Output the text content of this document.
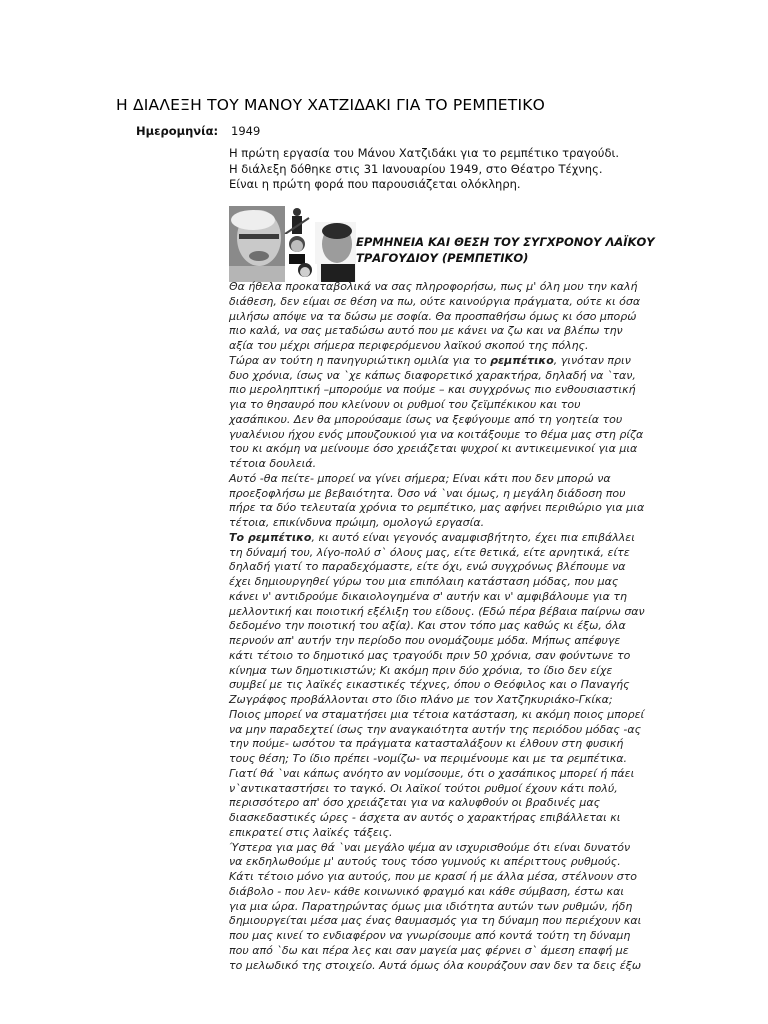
Η ΔΙΑΛΕΞΗ ΤΟΥ ΜΑΝΟΥ ΧΑΤΖΙΔΑΚΙ ΓΙΑ ΤΟ ΡΕΜΠΕΤΙΚΟ
Ημερομηνία: 1949
Η πρώτη εργασία του Μάνου Χατζιδάκι για το ρεμπέτικο τραγούδι.
Η διάλεξη δόθηκε στις 31 Ιανουαρίου 1949, στο Θέατρο Τέχνης.
Είναι η πρώτη φορά που παρουσιάζεται ολόκληρη.
ΕΡΜΗΝΕΙΑ ΚΑΙ ΘΕΣΗ ΤΟΥ ΣΥΓΧΡΟΝΟΥ ΛΑΪΚΟΥ
ΤΡΑΓΟΥΔΙΟΥ (ΡΕΜΠΕΤΙΚΟ)
Θα ήθελα προκαταβολικά να σας πληροφορήσω, πως μ' όλη μου την καλή
διάθεση, δεν είμαι σε θέση να πω, ούτε καινούργια πράγματα, ούτε κι όσα
μιλήσω απόψε να τα δώσω με σοφία. Θα προσπαθήσω όμως κι όσο μπορώ
πιο καλά, να σας μεταδώσω αυτό που με κάνει να ζω και να βλέπω την
αξία του μέχρι σήμερα περιφερόμενου λαϊκού σκοπού της πόλης.
Τώρα αν τούτη η πανηγυριώτικη ομιλία για το ρεμπέτικο, γινόταν πριν
δυο χρόνια, ίσως να `χε κάπως διαφορετικό χαρακτήρα, δηλαδή να `ταν,
πιο μεροληπτική –μπορούμε να πούμε – και συγχρόνως πιο ενθουσιαστική
για το θησαυρό που κλείνουν οι ρυθμοί του ζεϊμπέκικου και του
χασάπικου. Δεν θα μπορούσαμε ίσως να ξεφύγουμε από τη γοητεία του
γυαλένιου ήχου ενός μπουζουκιού για να κοιτάξουμε το θέμα μας στη ρίζα
του κι ακόμη να μείνουμε όσο χρειάζεται ψυχροί κι αντικειμενικοί για μια
τέτοια δουλειά.
Αυτό -θα πείτε- μπορεί να γίνει σήμερα; Είναι κάτι που δεν μπορώ να
προεξοφλήσω με βεβαιότητα. Όσο νά `ναι όμως, η μεγάλη διάδοση που
πήρε τα δύο τελευταία χρόνια το ρεμπέτικο, μας αφήνει περιθώριο για μια
τέτοια, επικίνδυνα πρώιμη, ομολογώ εργασία.
Το ρεμπέτικο, κι αυτό είναι γεγονός αναμφισβήτητο, έχει πια επιβάλλει
τη δύναμή του, λίγο-πολύ σ` όλους μας, είτε θετικά, είτε αρνητικά, είτε
δηλαδή γιατί το παραδεχόμαστε, είτε όχι, ενώ συγχρόνως βλέπουμε να
έχει δημιουργηθεί γύρω του μια επιπόλαιη κατάσταση μόδας, που μας
κάνει ν' αντιδρούμε δικαιολογημένα σ' αυτήν και ν' αμφιβάλουμε για τη
μελλοντική και ποιοτική εξέλιξη του είδους. (Εδώ πέρα βέβαια παίρνω σαν
δεδομένο την ποιοτική του αξία). Και στον τόπο μας καθώς κι έξω, όλα
περνούν απ' αυτήν την περίοδο που ονομάζουμε μόδα. Μήπως απέφυγε
κάτι τέτοιο το δημοτικό μας τραγούδι πριν 50 χρόνια, σαν φούντωνε το
κίνημα των δημοτικιστών; Κι ακόμη πριν δύο χρόνια, το ίδιο δεν είχε
συμβεί με τις λαϊκές εικαστικές τέχνες, όπου ο Θεόφιλος και ο Παναγής
Ζωγράφος προβάλλονται στο ίδιο πλάνο με τον Χατζηκυριάκο-Γκίκα;
Ποιος μπορεί να σταματήσει μια τέτοια κατάσταση, κι ακόμη ποιος μπορεί
να μην παραδεχτεί ίσως την αναγκαιότητα αυτήν της περιόδου μόδας -ας
την πούμε- ωσότου τα πράγματα κατασταλάξουν κι έλθουν στη φυσική
τους θέση; Το ίδιο πρέπει -νομίζω- να περιμένουμε και με τα ρεμπέτικα.
Γιατί θά `ναι κάπως ανόητο αν νομίσουμε, ότι ο χασάπικος μπορεί ή πάει
ν`αντικαταστήσει το ταγκό. Οι λαϊκοί τούτοι ρυθμοί έχουν κάτι πολύ,
περισσότερο απ' όσο χρειάζεται για να καλυφθούν οι βραδινές μας
διασκεδαστικές ώρες - άσχετα αν αυτός ο χαρακτήρας επιβάλλεται κι
επικρατεί στις λαϊκές τάξεις.
Ύστερα για μας θά `ναι μεγάλο ψέμα αν ισχυρισθούμε ότι είναι δυνατόν
να εκδηλωθούμε μ' αυτούς τους τόσο γυμνούς κι απέριττους ρυθμούς.
Κάτι τέτοιο μόνο για αυτούς, που με κρασί ή με άλλα μέσα, στέλνουν στο
διάβολο - που λεν- κάθε κοινωνικό φραγμό και κάθε σύμβαση, έστω και
για μια ώρα. Παρατηρώντας όμως μια ιδιότητα αυτών των ρυθμών, ήδη
δημιουργείται μέσα μας ένας θαυμασμός για τη δύναμη που περιέχουν και
που μας κινεί το ενδιαφέρον να γνωρίσουμε από κοντά τούτη τη δύναμη
που από `δω και πέρα λες και σαν μαγεία μας φέρνει σ` άμεση επαφή με
το μελωδικό της στοιχείο. Αυτά όμως όλα κουράζουν σαν δεν τα δεις έξω
